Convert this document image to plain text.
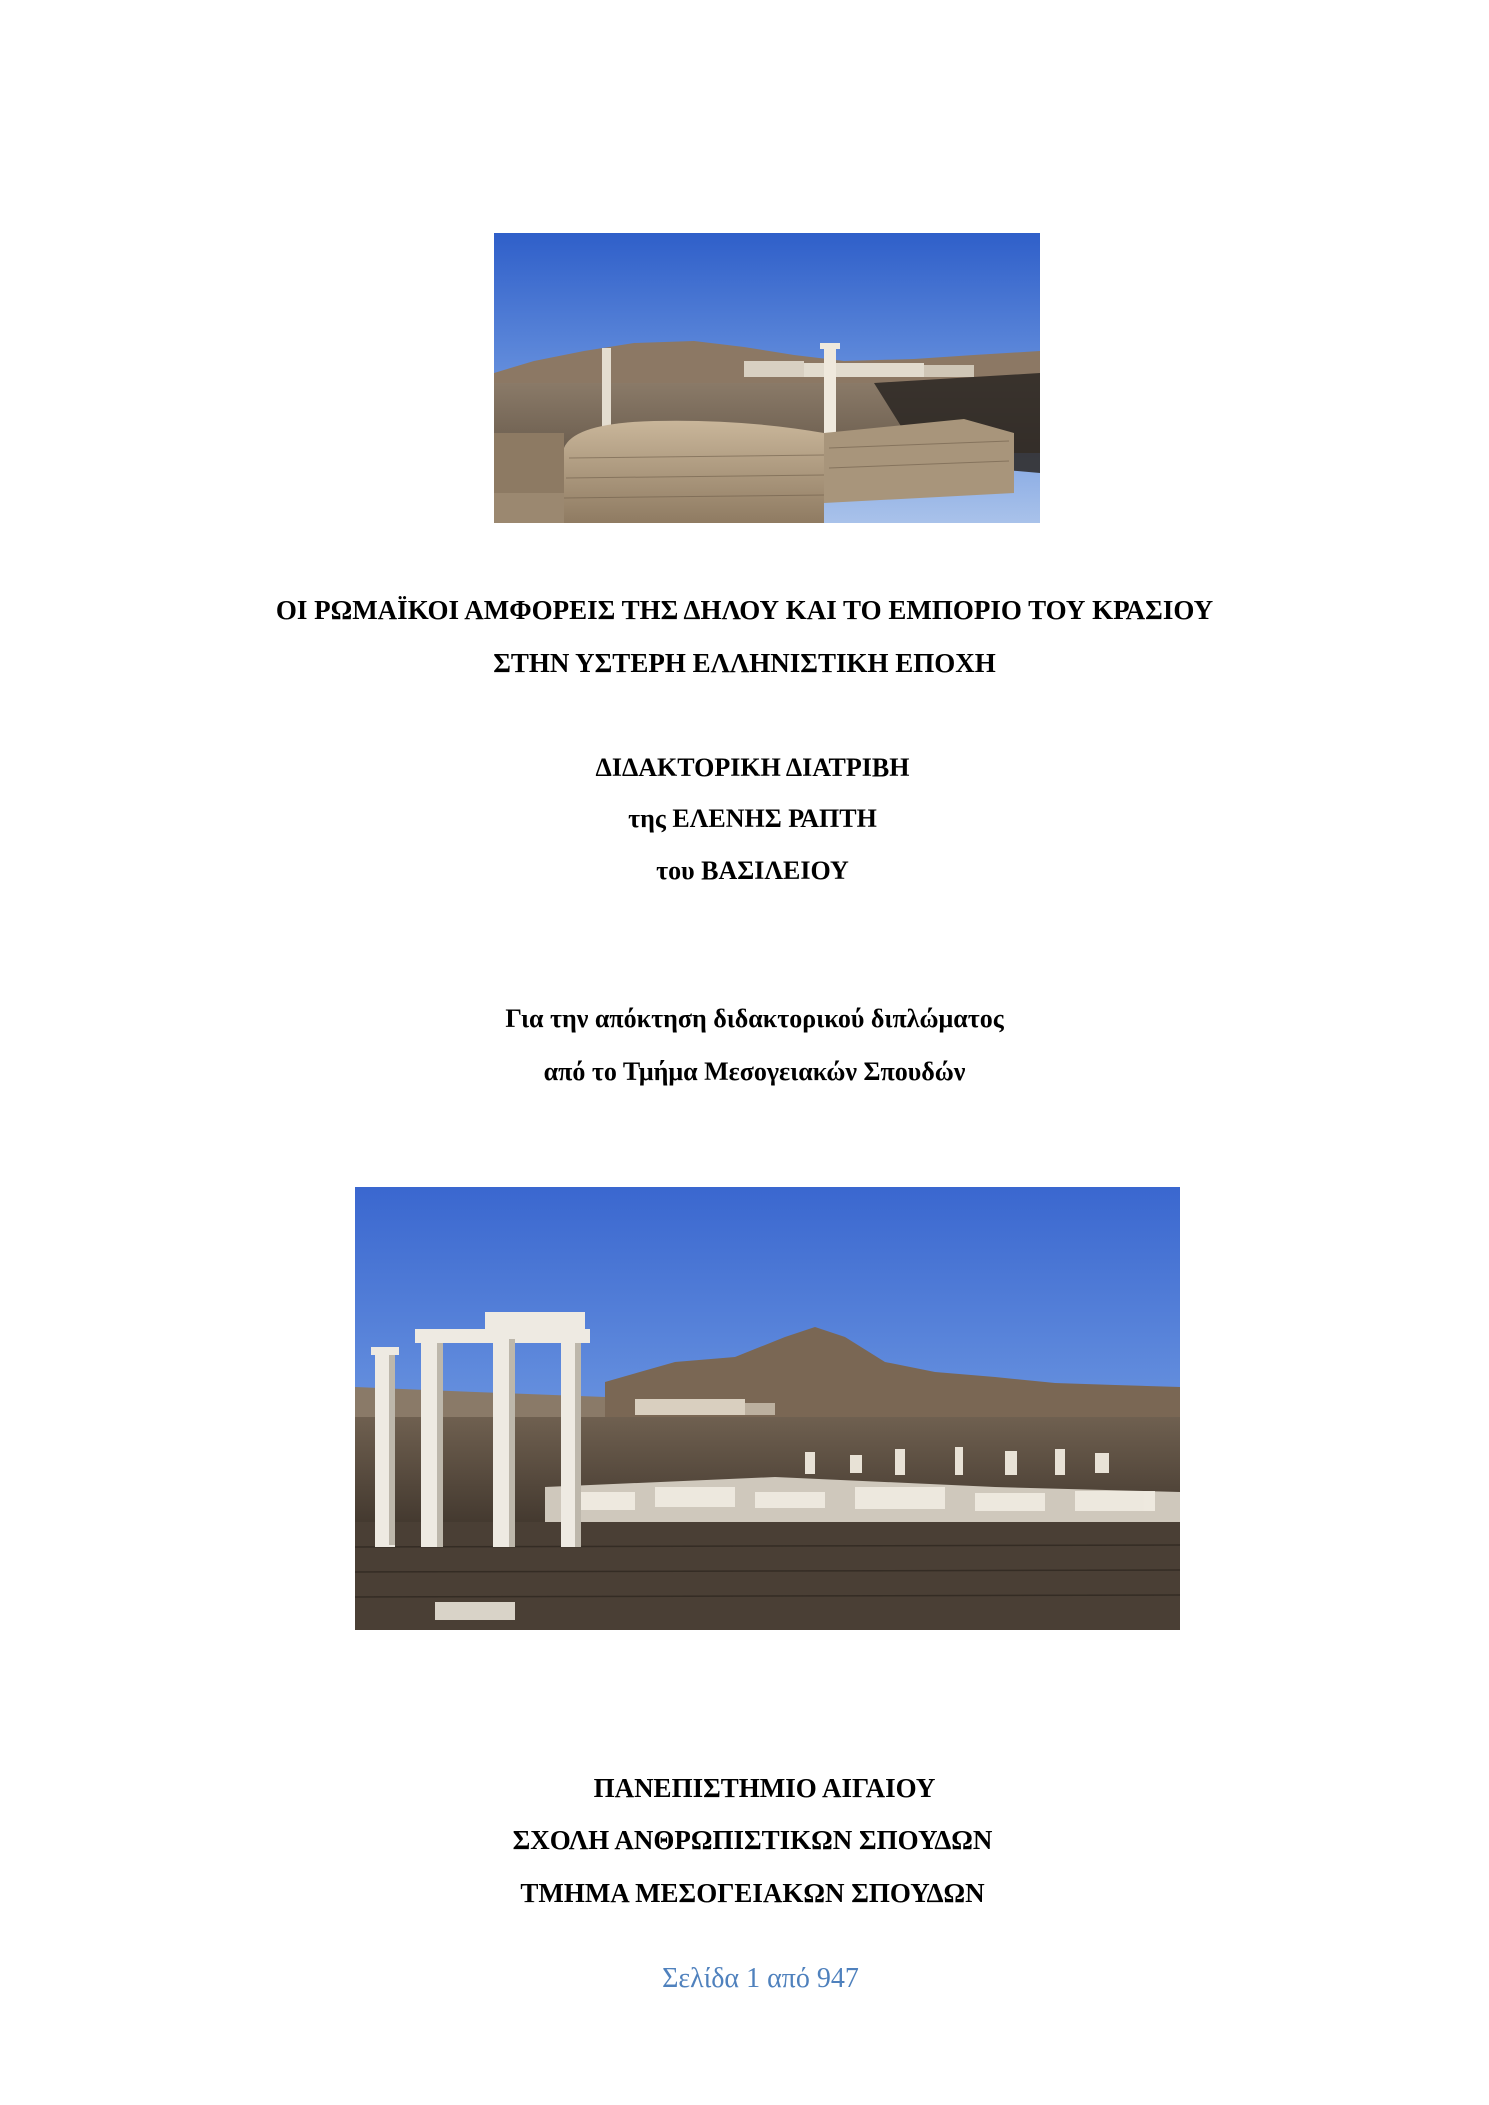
ΟΙ ΡΩΜΑΪΚΟΙ ΑΜΦΟΡΕΙΣ ΤΗΣ ΔΗΛΟΥ ΚΑΙ ΤΟ ΕΜΠΟΡΙΟ ΤΟΥ ΚΡΑΣΙΟΥ
ΣΤΗΝ ΥΣΤΕΡΗ ΕΛΛΗΝΙΣΤΙΚΗ ΕΠΟΧΗ
ΔΙΔΑΚΤΟΡΙΚΗ ΔΙΑΤΡΙΒΗ
της ΕΛΕΝΗΣ ΡΑΠΤΗ
του ΒΑΣΙΛΕΙΟΥ
Για την απόκτηση διδακτορικού διπλώματος
από το Τμήμα Μεσογειακών Σπουδών
ΠΑΝΕΠΙΣΤΗΜΙΟ ΑΙΓΑΙΟΥ
ΣΧΟΛΗ ΑΝΘΡΩΠΙΣΤΙΚΩΝ ΣΠΟΥΔΩΝ
ΤΜΗΜΑ ΜΕΣΟΓΕΙΑΚΩΝ ΣΠΟΥΔΩΝ
Σελίδα 1 από 947
